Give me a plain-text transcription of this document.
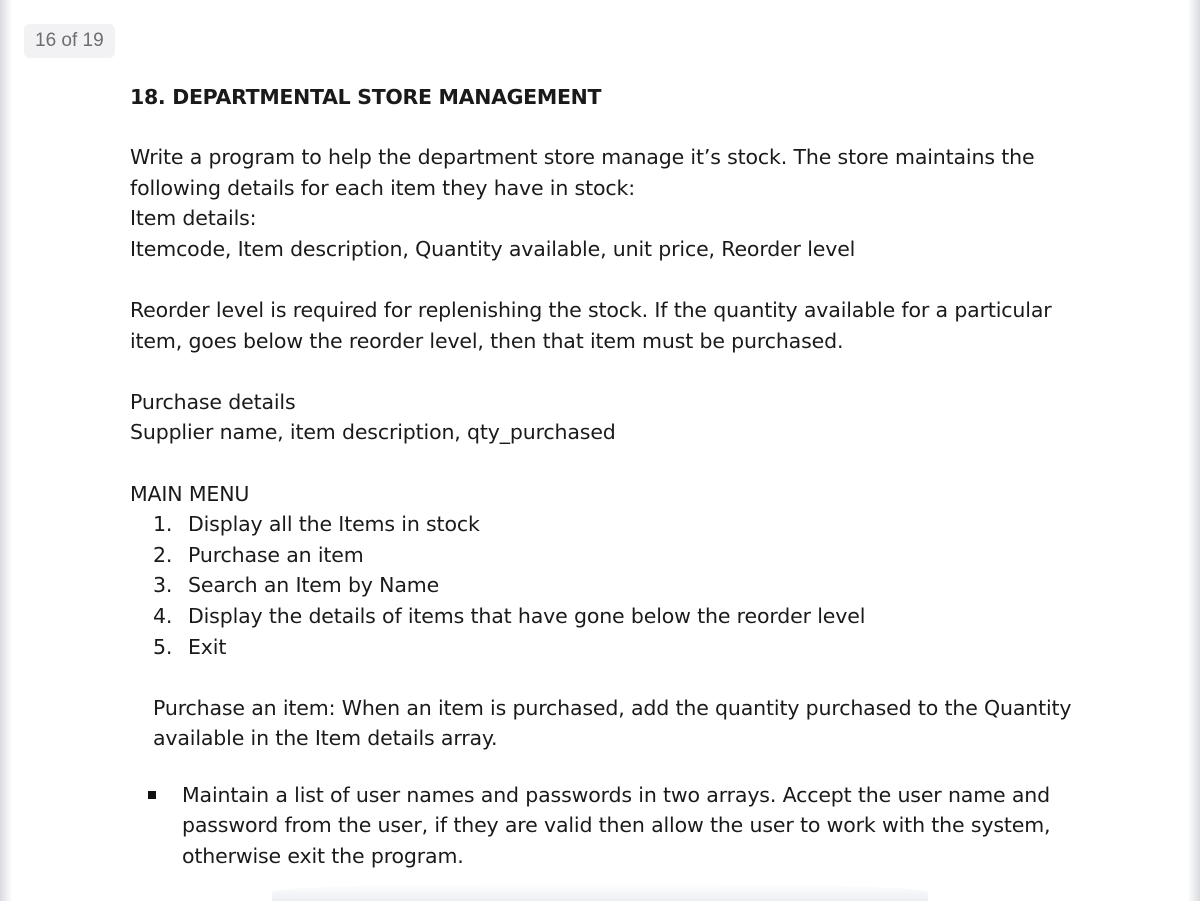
16 of 19
18. DEPARTMENTAL STORE MANAGEMENT

Write a program to help the department store manage it’s stock. The store maintains the

following details for each item they have in stock:

Item details:

Itemcode, Item description, Quantity available, unit price, Reorder level

Reorder level is required for replenishing the stock. If the quantity available for a particular

item, goes below the reorder level, then that item must be purchased.

Purchase details

Supplier name, item description, qty_purchased

MAIN MENU

1. Display all the Items in stock
2. Purchase an item
3. Search an Item by Name
4. Display the details of items that have gone below the reorder level
5. Exit

Purchase an item: When an item is purchased, add the quantity purchased to the Quantity

available in the Item details array.

Maintain a list of user names and passwords in two arrays. Accept the user name and

password from the user, if they are valid then allow the user to work with the system,

otherwise exit the program.
